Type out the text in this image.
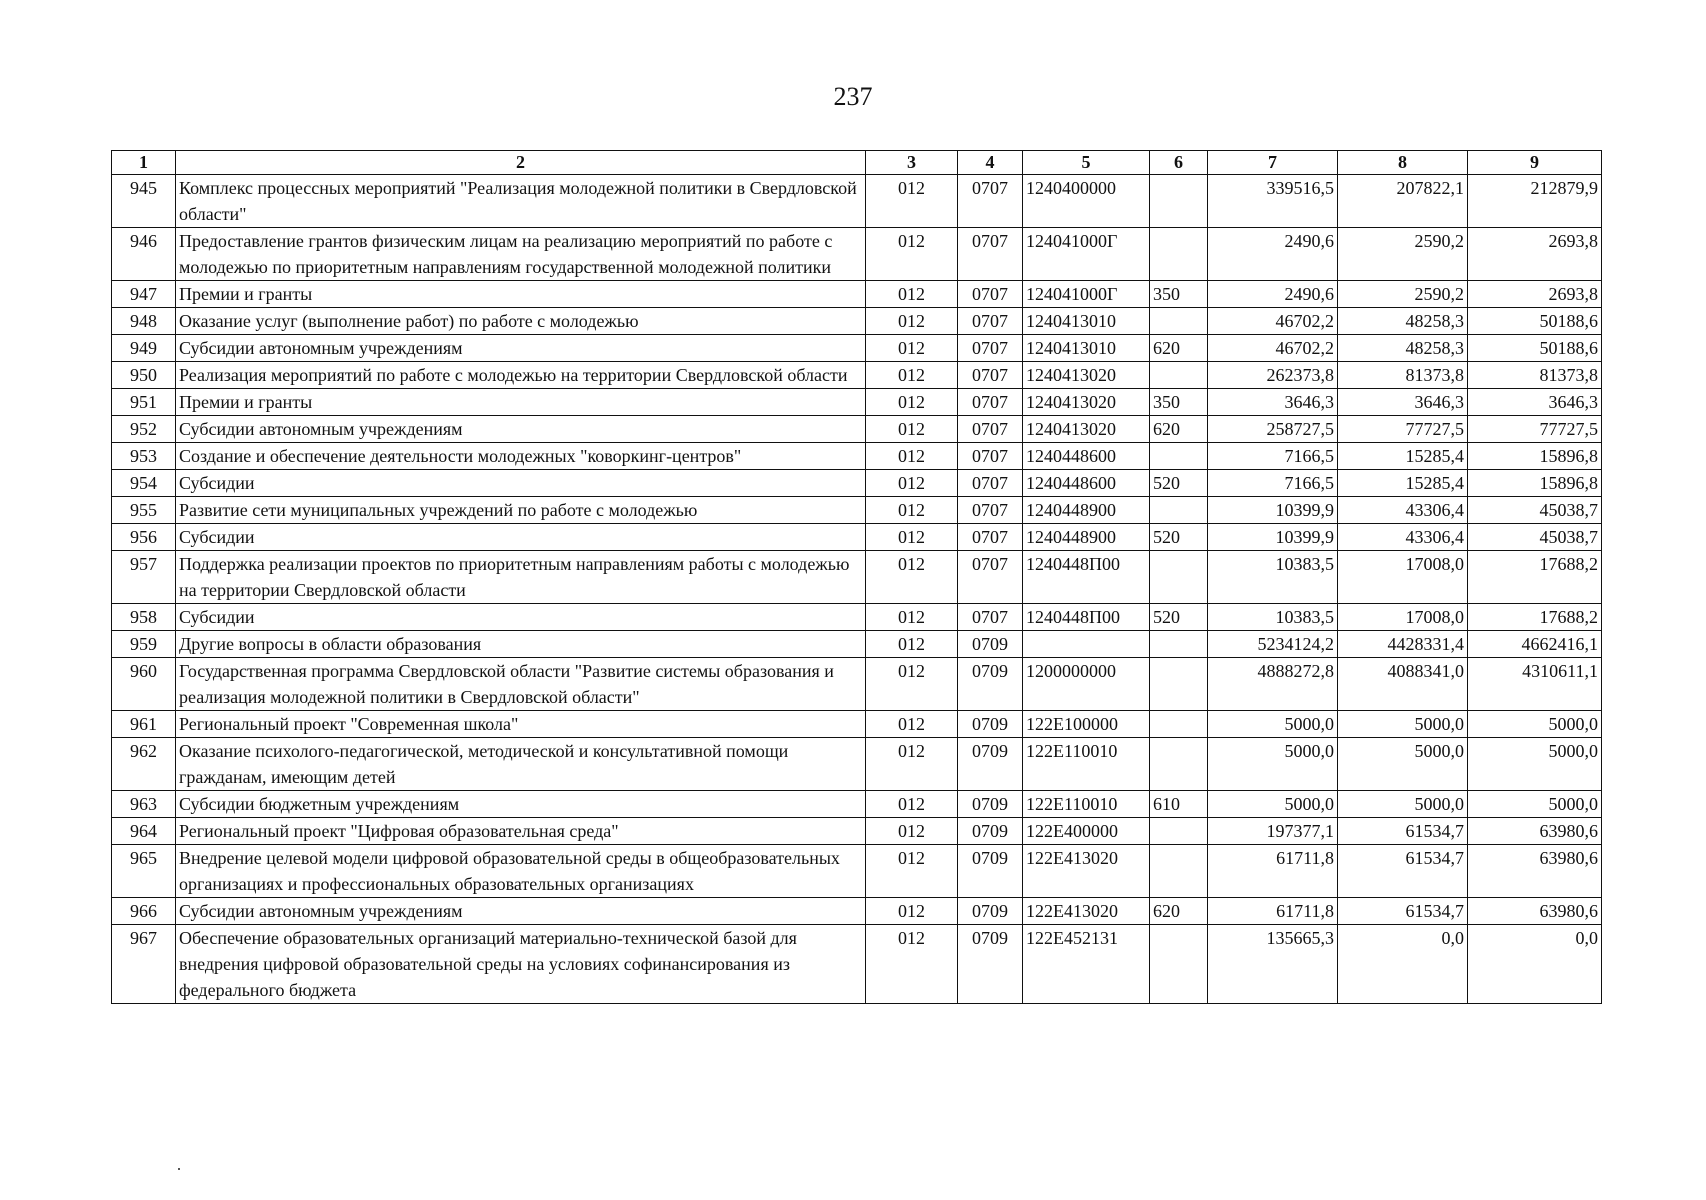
237
1	2	3	4	5	6	7	8	9
945	Комплекс процессных мероприятий "Реализация молодежной политики в Свердловской области"	012	0707	1240400000		339516,5	207822,1	212879,9
946	Предоставление грантов физическим лицам на реализацию мероприятий по работе с молодежью по приоритетным направлениям государственной молодежной политики	012	0707	124041000Г		2490,6	2590,2	2693,8
947	Премии и гранты	012	0707	124041000Г	350	2490,6	2590,2	2693,8
948	Оказание услуг (выполнение работ) по работе с молодежью	012	0707	1240413010		46702,2	48258,3	50188,6
949	Субсидии автономным учреждениям	012	0707	1240413010	620	46702,2	48258,3	50188,6
950	Реализация мероприятий по работе с молодежью на территории Свердловской области	012	0707	1240413020		262373,8	81373,8	81373,8
951	Премии и гранты	012	0707	1240413020	350	3646,3	3646,3	3646,3
952	Субсидии автономным учреждениям	012	0707	1240413020	620	258727,5	77727,5	77727,5
953	Создание и обеспечение деятельности молодежных "коворкинг-центров"	012	0707	1240448600		7166,5	15285,4	15896,8
954	Субсидии	012	0707	1240448600	520	7166,5	15285,4	15896,8
955	Развитие сети муниципальных учреждений по работе с молодежью	012	0707	1240448900		10399,9	43306,4	45038,7
956	Субсидии	012	0707	1240448900	520	10399,9	43306,4	45038,7
957	Поддержка реализации проектов по приоритетным направлениям работы с молодежью на территории Свердловской области	012	0707	1240448П00		10383,5	17008,0	17688,2
958	Субсидии	012	0707	1240448П00	520	10383,5	17008,0	17688,2
959	Другие вопросы в области образования	012	0709			5234124,2	4428331,4	4662416,1
960	Государственная программа Свердловской области "Развитие системы образования и реализация молодежной политики в Свердловской области"	012	0709	1200000000		4888272,8	4088341,0	4310611,1
961	Региональный проект "Современная школа"	012	0709	122Е100000		5000,0	5000,0	5000,0
962	Оказание психолого-педагогической, методической и консультативной помощи гражданам, имеющим детей	012	0709	122Е110010		5000,0	5000,0	5000,0
963	Субсидии бюджетным учреждениям	012	0709	122Е110010	610	5000,0	5000,0	5000,0
964	Региональный проект "Цифровая образовательная среда"	012	0709	122Е400000		197377,1	61534,7	63980,6
965	Внедрение целевой модели цифровой образовательной среды в общеобразовательных организациях и профессиональных образовательных организациях	012	0709	122Е413020		61711,8	61534,7	63980,6
966	Субсидии автономным учреждениям	012	0709	122Е413020	620	61711,8	61534,7	63980,6
967	Обеспечение образовательных организаций материально-технической базой для внедрения цифровой образовательной среды на условиях софинансирования из федерального бюджета	012	0709	122Е452131		135665,3	0,0	0,0
